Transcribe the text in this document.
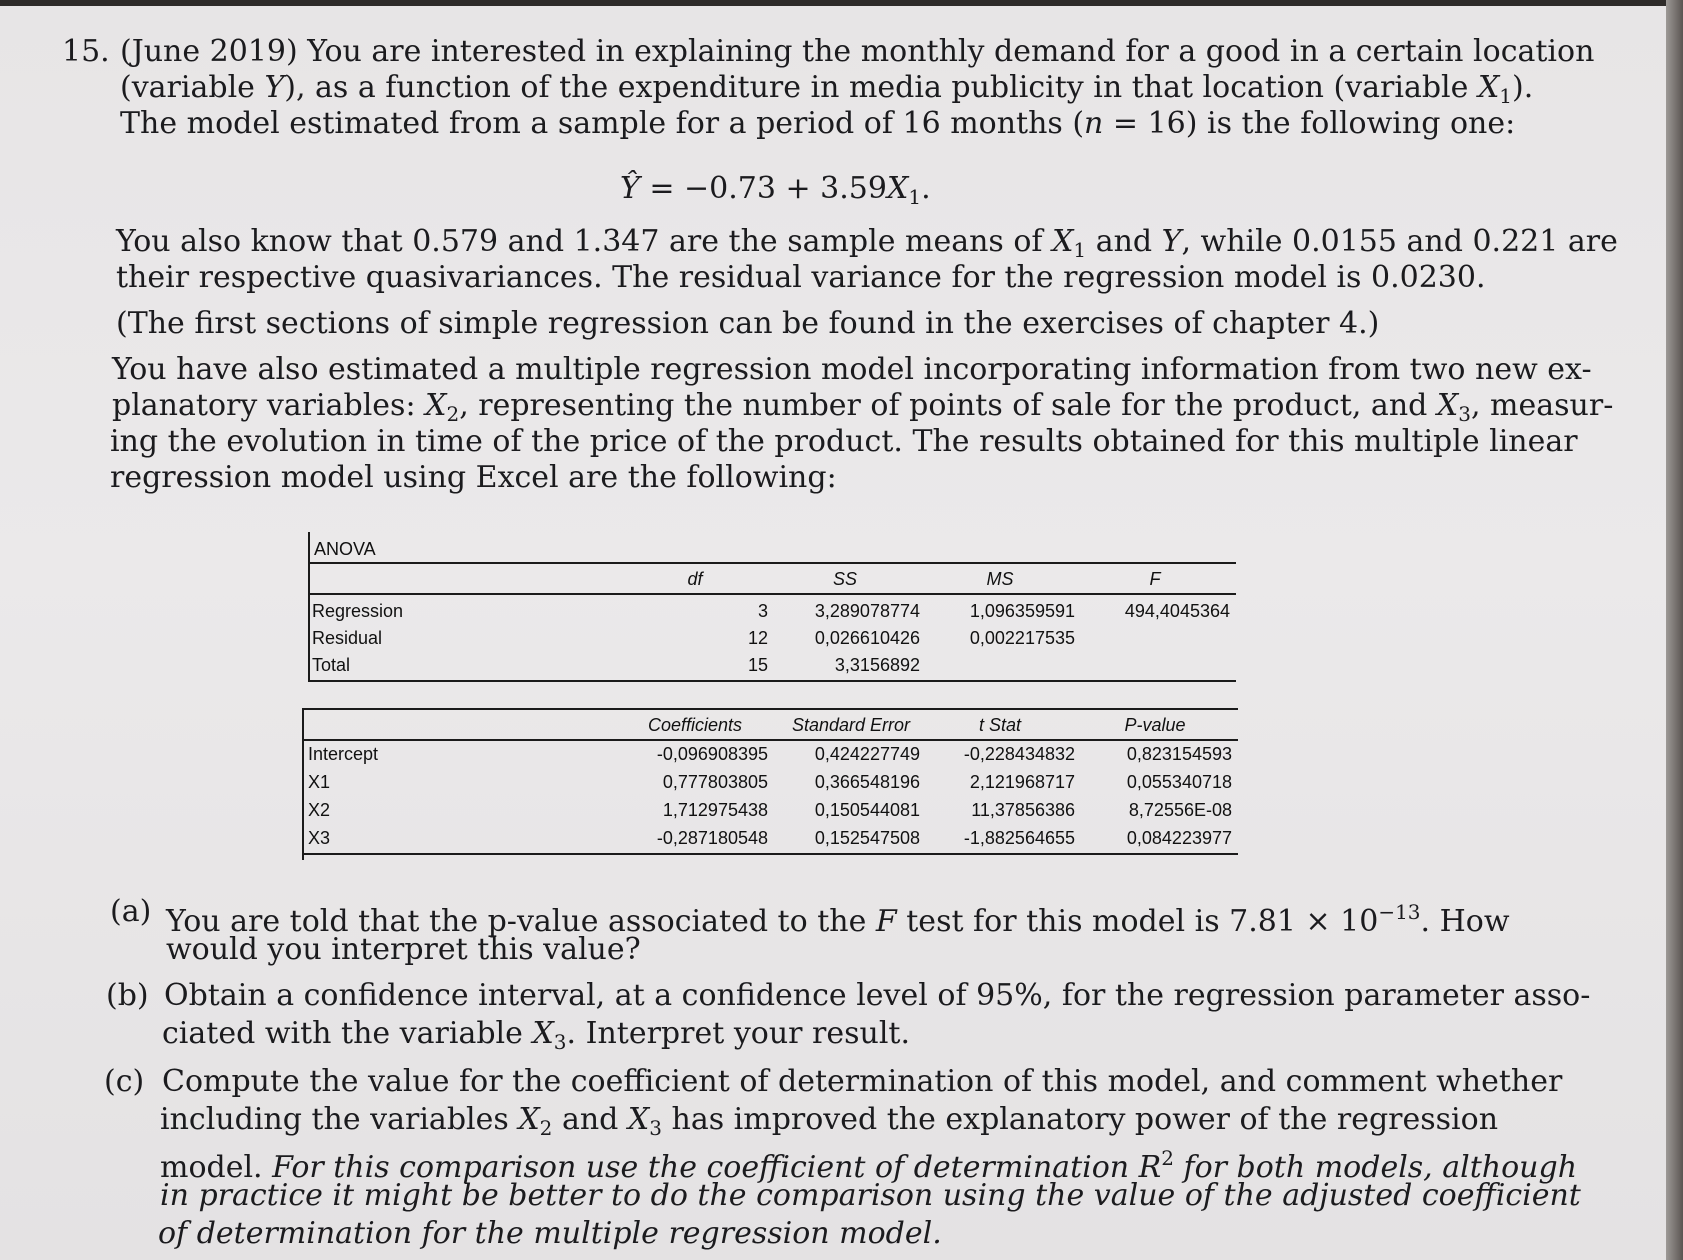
15. (June 2019) You are interested in explaining the monthly demand for a good in a certain location
(variable Y), as a function of the expenditure in media publicity in that location (variable $X_1$).
The model estimated from a sample for a period of 16 months (n = 16) is the following one:
Ŷ = $-0.73 + 3.59X_1$.
You also know that 0.579 and 1.347 are the sample means of $X_1$ and Y, while 0.0155 and 0.221 are
their respective quasivariances. The residual variance for the regression model is 0.0230.
(The first sections of simple regression can be found in the exercises of chapter 4.)
You have also estimated a multiple regression model incorporating information from two new ex-
planatory variables: $X_2$, representing the number of points of sale for the product, and $X_3$, measur-
ing the evolution in time of the price of the product. The results obtained for this multiple linear
regression model using Excel are the following:
ANOVA
df	SS	MS	F
Regression	3	3,289078774	1,096359591	494,4045364
Residual	12	0,026610426	0,002217535
Total	15	3,3156892
Coefficients	Standard Error	t Stat	P-value
Intercept	-0,096908395	0,424227749	-0,228434832	0,823154593
X1	0,777803805	0,366548196	2,121968717	0,055340718
X2	1,712975438	0,150544081	11,37856386	8,72556E-08
X3	-0,287180548	0,152547508	-1,882564655	0,084223977
(a) You are told that the p-value associated to the F test for this model is $7.81 \times 10^{-13}$. How
would you interpret this value?
(b) Obtain a confidence interval, at a confidence level of 95%, for the regression parameter asso-
ciated with the variable $X_3$. Interpret your result.
(c) Compute the value for the coefficient of determination of this model, and comment whether
including the variables $X_2$ and $X_3$ has improved the explanatory power of the regression
model. For this comparison use the coefficient of determination $R^2$ for both models, although
in practice it might be better to do the comparison using the value of the adjusted coefficient
of determination for the multiple regression model.
